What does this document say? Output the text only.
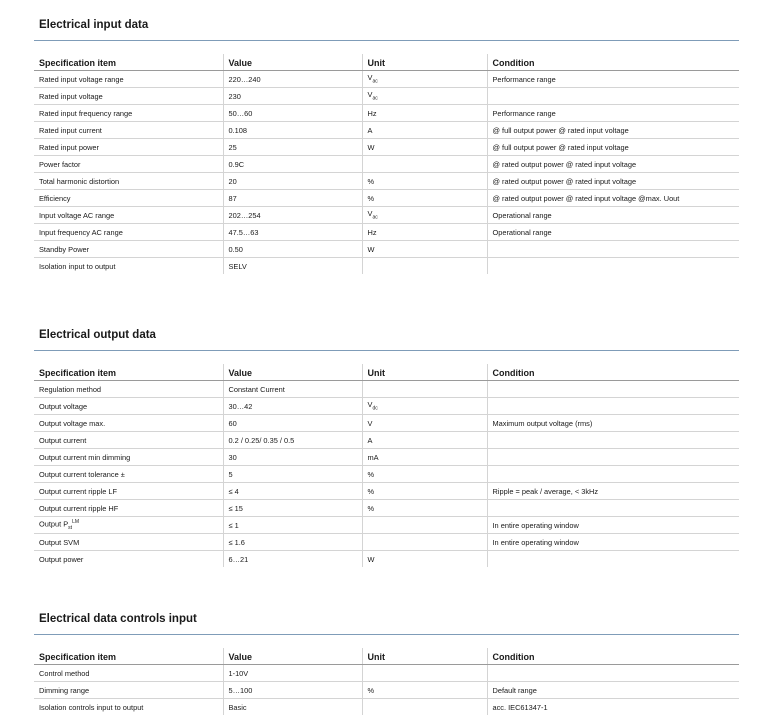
Electrical input data
Specification item	Value	Unit	Condition
Rated input voltage range	220…240	$V_{ac}$	Performance range
Rated input voltage	230	$V_{ac}$	
Rated input frequency range	50…60	Hz	Performance range
Rated input current	0.108	A	@ full output power @ rated input voltage
Rated input power	25	W	@ full output power @ rated input voltage
Power factor	0.9C		@ rated output power @ rated input voltage
Total harmonic distortion	20	%	@ rated output power @ rated input voltage
Efficiency	87	%	@ rated output power @ rated input voltage @max. Uout
Input voltage AC range	202…254	$V_{ac}$	Operational range
Input frequency AC range	47.5…63	Hz	Operational range
Standby Power	0.50	W	
Isolation input to output	SELV		
Electrical output data
Specification item	Value	Unit	Condition
Regulation method	Constant Current		
Output voltage	30…42	$V_{dc}$	
Output voltage max.	60	V	Maximum output voltage (rms)
Output current	0.2 / 0.25/ 0.35 / 0.5	A	
Output current min dimming	30	mA	
Output current tolerance ±	5	%	
Output current ripple LF	≤ 4	%	Ripple = peak / average, < 3kHz
Output current ripple HF	≤ 15	%	
Output $P_{st}^{LM}$	≤ 1		In entire operating window
Output SVM	≤ 1.6		In entire operating window
Output power	6…21	W	
Electrical data controls input
Specification item	Value	Unit	Condition
Control method	1-10V		
Dimming range	5…100	%	Default range
Isolation controls input to output	Basic		acc. IEC61347-1
